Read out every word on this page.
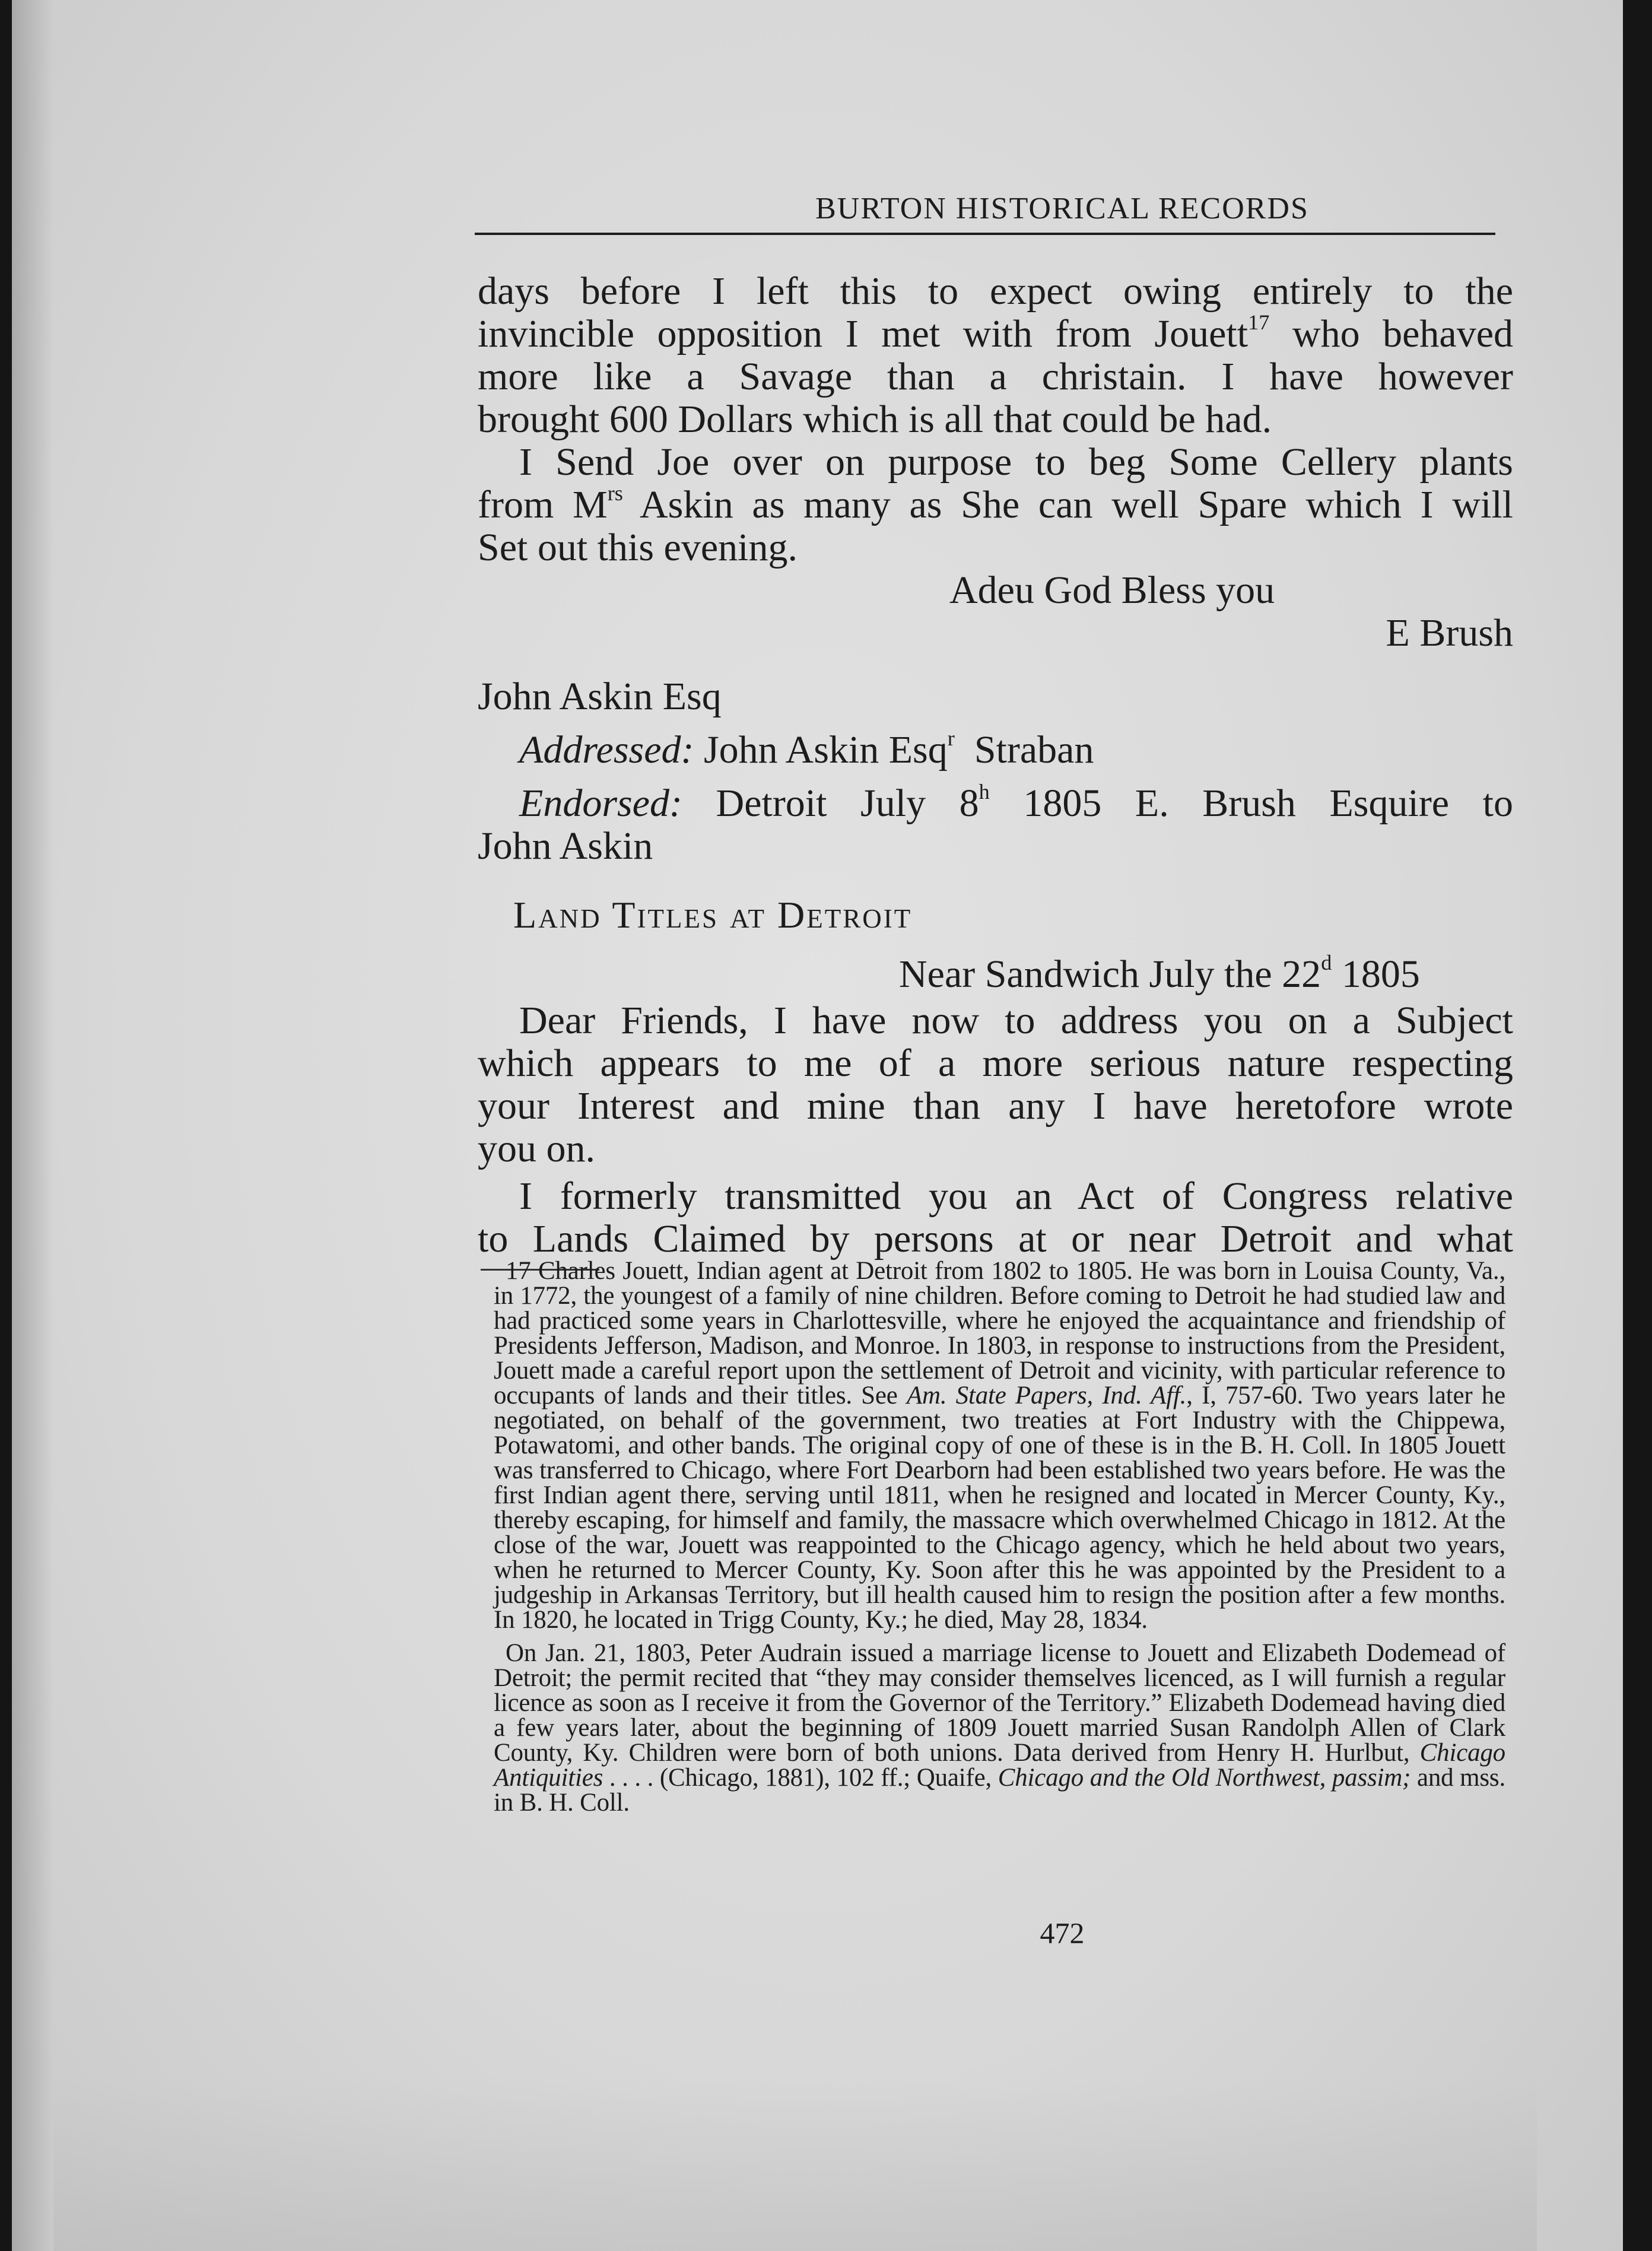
BURTON HISTORICAL RECORDS

days before I left this to expect owing entirely to the
invincible opposition I met with from Jouett$^{17}$ who behaved
more like a Savage than a christain. I have however
brought 600 Dollars which is all that could be had.

I Send Joe over on purpose to beg Some Cellery plants
from $M^{rs}$ Askin as many as She can well Spare which I will
Set out this evening.

Adeu God Bless you

E Brush

John Askin Esq

Addressed: John Askin Esq$^r$  Straban

Endorsed: Detroit July 8$^h$ 1805 E. Brush Esquire to
John Askin

Land Titles at Detroit

Near Sandwich July the 22$^d$ 1805

Dear Friends, I have now to address you on a Subject
which appears to me of a more serious nature respecting
your Interest and mine than any I have heretofore wrote
you on.

I formerly transmitted you an Act of Congress relative
to Lands Claimed by persons at or near Detroit and what

17 Charles Jouett, Indian agent at Detroit from 1802 to 1805. He was born in Louisa County, Va., in 1772, the youngest of a family of nine children. Before coming to Detroit he had studied law and had practiced some years in Charlottesville, where he enjoyed the acquaintance and friendship of Presidents Jefferson, Madison, and Monroe. In 1803, in response to instructions from the President, Jouett made a careful report upon the settlement of Detroit and vicinity, with particular reference to occupants of lands and their titles. See Am. State Papers, Ind. Aff., I, 757-60. Two years later he negotiated, on behalf of the government, two treaties at Fort Industry with the Chippewa, Potawatomi, and other bands. The original copy of one of these is in the B. H. Coll. In 1805 Jouett was transferred to Chicago, where Fort Dearborn had been established two years before. He was the first Indian agent there, serving until 1811, when he resigned and located in Mercer County, Ky., thereby escaping, for himself and family, the massacre which overwhelmed Chicago in 1812. At the close of the war, Jouett was reappointed to the Chicago agency, which he held about two years, when he returned to Mercer County, Ky. Soon after this he was appointed by the President to a judgeship in Arkansas Territory, but ill health caused him to resign the position after a few months. In 1820, he located in Trigg County, Ky.; he died, May 28, 1834.

On Jan. 21, 1803, Peter Audrain issued a marriage license to Jouett and Elizabeth Dodemead of Detroit; the permit recited that “they may consider themselves licenced, as I will furnish a regular licence as soon as I receive it from the Governor of the Territory.” Elizabeth Dodemead having died a few years later, about the beginning of 1809 Jouett married Susan Randolph Allen of Clark County, Ky. Children were born of both unions. Data derived from Henry H. Hurlbut, Chicago Antiquities . . . . (Chicago, 1881), 102 ff.; Quaife, Chicago and the Old Northwest, passim; and mss. in B. H. Coll.

472
